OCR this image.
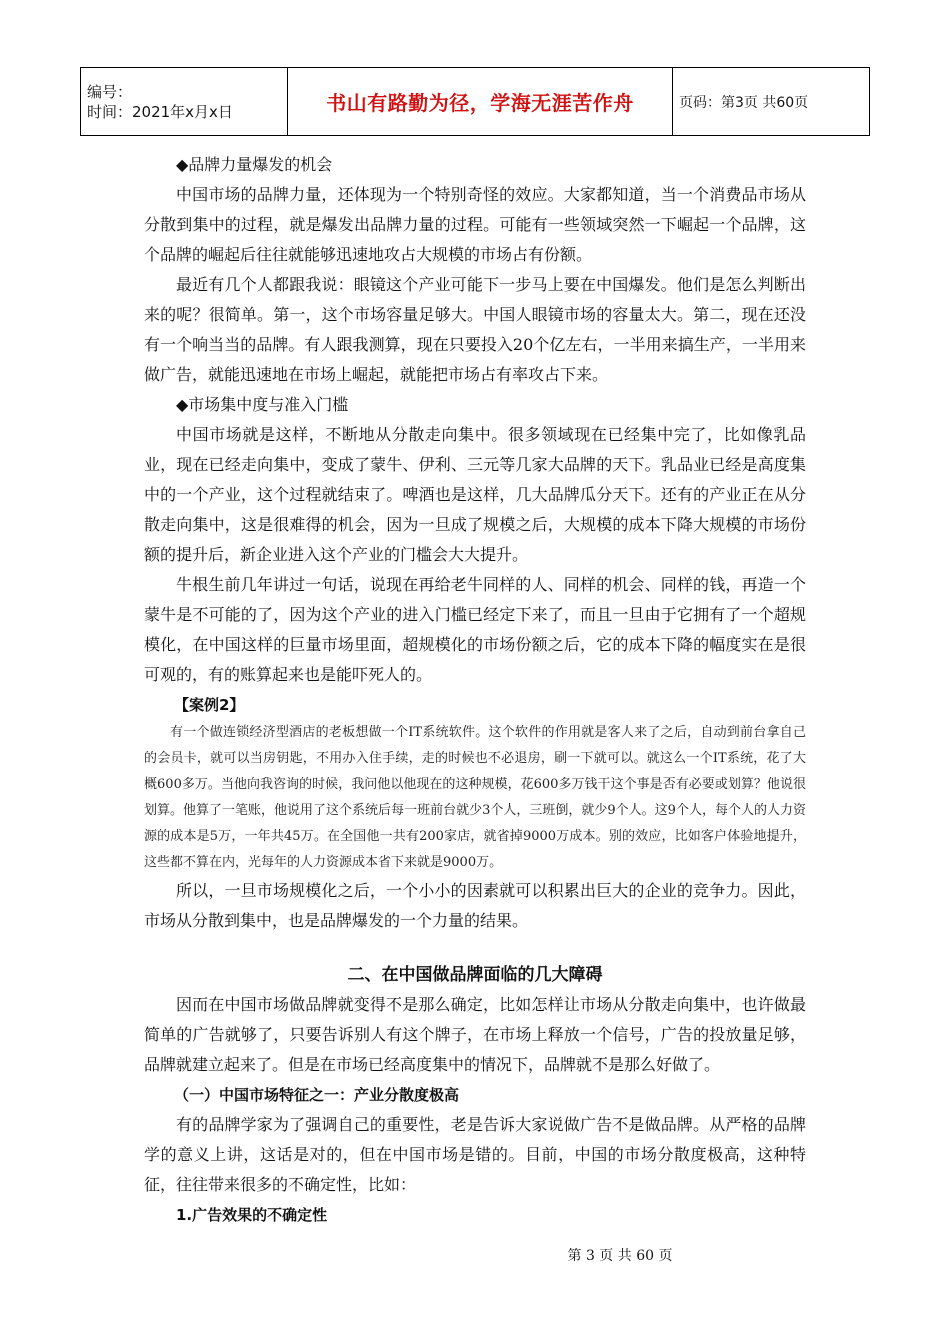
编号：
时间：2021年x月x日	书山有路勤为径，学海无涯苦作舟	页码：第3页 共60页

◆品牌力量爆发的机会

中国市场的品牌力量，还体现为一个特别奇怪的效应。大家都知道，当一个消费品市场从分散到集中的过程，就是爆发出品牌力量的过程。可能有一些领域突然一下崛起一个品牌，这个品牌的崛起后往往就能够迅速地攻占大规模的市场占有份额。

最近有几个人都跟我说：眼镜这个产业可能下一步马上要在中国爆发。他们是怎么判断出来的呢？很简单。第一，这个市场容量足够大。中国人眼镜市场的容量太大。第二，现在还没有一个响当当的品牌。有人跟我测算，现在只要投入20个亿左右，一半用来搞生产，一半用来做广告，就能迅速地在市场上崛起，就能把市场占有率攻占下来。

◆市场集中度与准入门槛

中国市场就是这样，不断地从分散走向集中。很多领域现在已经集中完了，比如像乳品业，现在已经走向集中，变成了蒙牛、伊利、三元等几家大品牌的天下。乳品业已经是高度集中的一个产业，这个过程就结束了。啤酒也是这样，几大品牌瓜分天下。还有的产业正在从分散走向集中，这是很难得的机会，因为一旦成了规模之后，大规模的成本下降大规模的市场份额的提升后，新企业进入这个产业的门槛会大大提升。

牛根生前几年讲过一句话，说现在再给老牛同样的人、同样的机会、同样的钱，再造一个蒙牛是不可能的了，因为这个产业的进入门槛已经定下来了，而且一旦由于它拥有了一个超规模化，在中国这样的巨量市场里面，超规模化的市场份额之后，它的成本下降的幅度实在是很可观的，有的账算起来也是能吓死人的。

【案例2】

有一个做连锁经济型酒店的老板想做一个IT系统软件。这个软件的作用就是客人来了之后，自动到前台拿自己的会员卡，就可以当房钥匙，不用办入住手续，走的时候也不必退房，刷一下就可以。就这么一个IT系统，花了大概600多万。当他向我咨询的时候，我问他以他现在的这种规模，花600多万钱干这个事是否有必要或划算？他说很划算。他算了一笔账，他说用了这个系统后每一班前台就少3个人，三班倒，就少9个人。这9个人，每个人的人力资源的成本是5万，一年共45万。在全国他一共有200家店，就省掉9000万成本。别的效应，比如客户体验地提升，这些都不算在内，光每年的人力资源成本省下来就是9000万。

所以，一旦市场规模化之后，一个小小的因素就可以积累出巨大的企业的竞争力。因此，市场从分散到集中，也是品牌爆发的一个力量的结果。

二、在中国做品牌面临的几大障碍

因而在中国市场做品牌就变得不是那么确定，比如怎样让市场从分散走向集中，也许做最简单的广告就够了，只要告诉别人有这个牌子，在市场上释放一个信号，广告的投放量足够，品牌就建立起来了。但是在市场已经高度集中的情况下，品牌就不是那么好做了。

（一）中国市场特征之一：产业分散度极高

有的品牌学家为了强调自己的重要性，老是告诉大家说做广告不是做品牌。从严格的品牌学的意义上讲，这话是对的，但在中国市场是错的。目前，中国的市场分散度极高，这种特征，往往带来很多的不确定性，比如：

1.广告效果的不确定性

第 3 页 共 60 页
